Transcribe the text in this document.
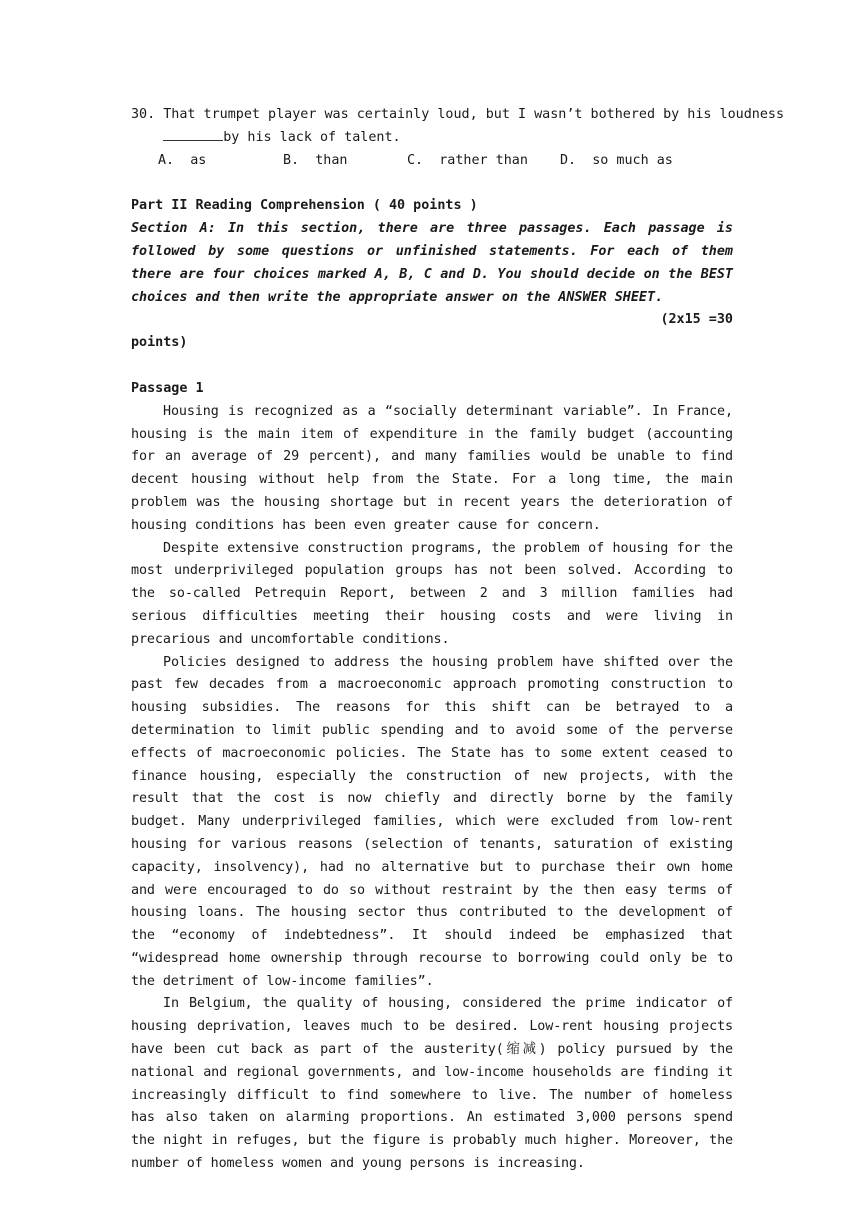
30. That trumpet player was certainly loud, but I wasn’t bothered by his loudness

by his lack of talent.

A.  as	B.  than	C.  rather than D.  so much as

Part II Reading Comprehension ( 40 points )

Section A: In this section, there are three passages. Each passage is followed by some questions or unfinished statements. For each of them there are four choices marked A, B, C and D. You should decide on the BEST choices and then write the appropriate answer on the ANSWER SHEET.

(2x15 =30

points)

Passage 1

Housing is recognized as a “socially determinant variable”. In France, housing is the main item of expenditure in the family budget (accounting for an average of 29 percent), and many families would be unable to find decent housing without help from the State. For a long time, the main problem was the housing shortage but in recent years the deterioration of housing conditions has been even greater cause for concern.

Despite extensive construction programs, the problem of housing for the most underprivileged population groups has not been solved. According to the so-called Petrequin Report, between 2 and 3 million families had serious difficulties meeting their housing costs and were living in precarious and uncomfortable conditions.

Policies designed to address the housing problem have shifted over the past few decades from a macroeconomic approach promoting construction to housing subsidies. The reasons for this shift can be betrayed to a determination to limit public spending and to avoid some of the perverse effects of macroeconomic policies. The State has to some extent ceased to finance housing, especially the construction of new projects, with the result that the cost is now chiefly and directly borne by the family budget. Many underprivileged families, which were excluded from low-rent housing for various reasons (selection of tenants, saturation of existing capacity, insolvency), had no alternative but to purchase their own home and were encouraged to do so without restraint by the then easy terms of housing loans. The housing sector thus contributed to the development of the “economy of indebtedness”. It should indeed be emphasized that “widespread home ownership through recourse to borrowing could only be to the detriment of low-income families”.

In Belgium, the quality of housing, considered the prime indicator of housing deprivation, leaves much to be desired. Low-rent housing projects have been cut back as part of the austerity(缩减) policy pursued by the national and regional governments, and low-income households are finding it increasingly difficult to find somewhere to live. The number of homeless has also taken on alarming proportions. An estimated 3,000 persons spend the night in refuges, but the figure is probably much higher. Moreover, the number of homeless women and young persons is increasing.
